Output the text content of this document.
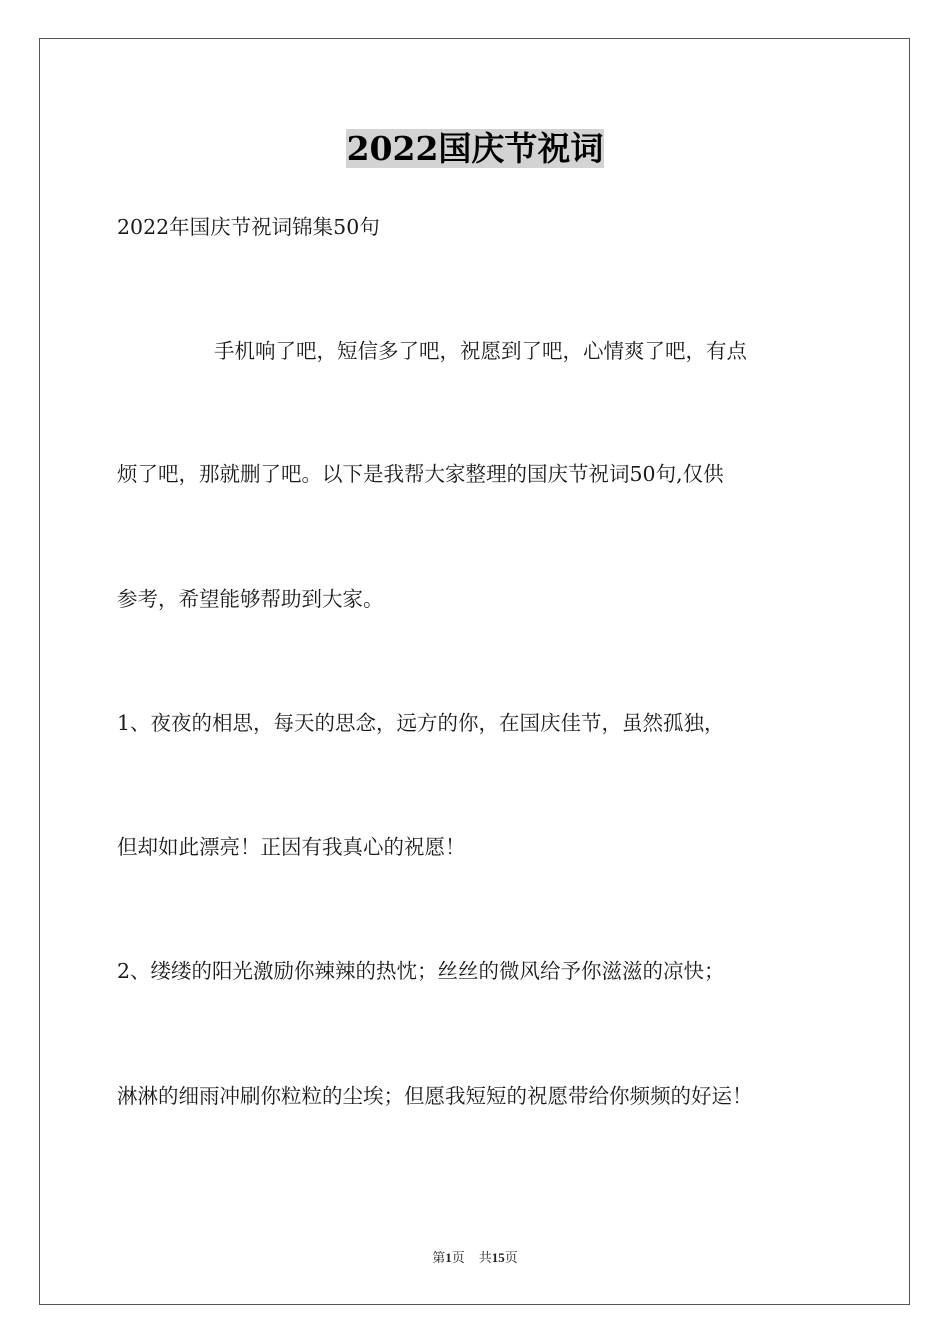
2022国庆节祝词
2022年国庆节祝词锦集50句
手机响了吧，短信多了吧，祝愿到了吧，心情爽了吧，有点
烦了吧，那就删了吧。以下是我帮大家整理的国庆节祝词50句,仅供
参考，希望能够帮助到大家。
1、夜夜的相思，每天的思念，远方的你，在国庆佳节，虽然孤独，
但却如此漂亮！正因有我真心的祝愿！
2、缕缕的阳光激励你辣辣的热忱；丝丝的微风给予你滋滋的凉快；
淋淋的细雨冲刷你粒粒的尘埃；但愿我短短的祝愿带给你频频的好运！
第1页 共15页
